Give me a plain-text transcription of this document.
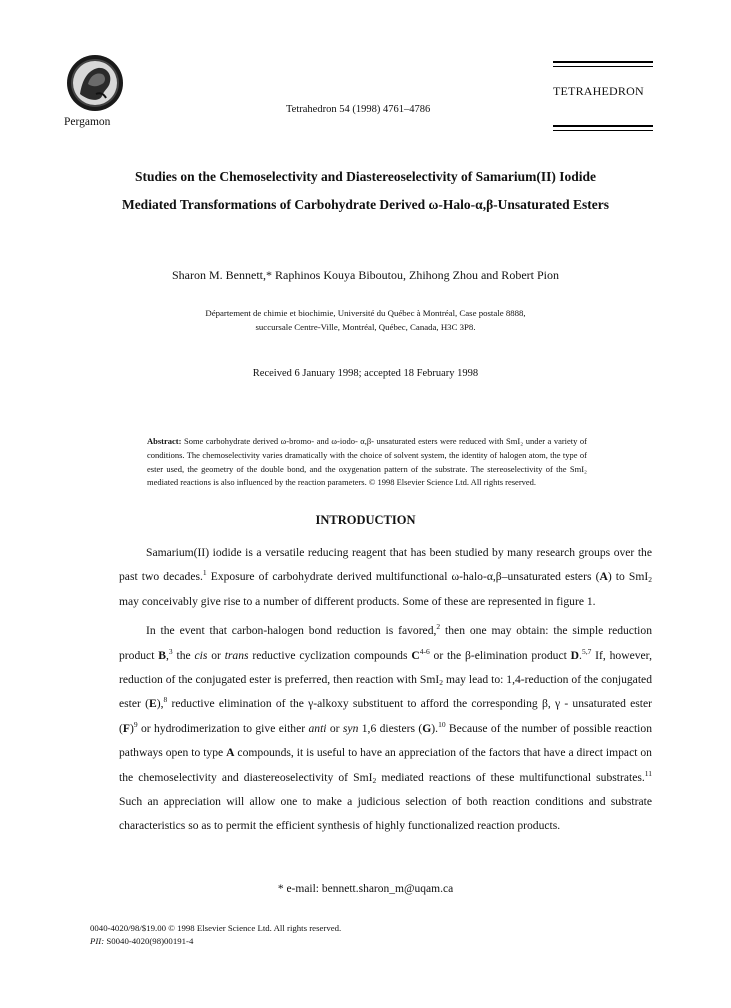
Pergamon
Tetrahedron 54 (1998) 4761–4786
TETRAHEDRON
Studies on the Chemoselectivity and Diastereoselectivity of Samarium(II) Iodide
Mediated Transformations of Carbohydrate Derived ω-Halo-α,β-Unsaturated Esters
Sharon M. Bennett,* Raphinos Kouya Biboutou, Zhihong Zhou and Robert Pion
Département de chimie et biochimie, Université du Québec à Montréal, Case postale 8888,
succursale Centre-Ville, Montréal, Québec, Canada, H3C 3P8.
Received 6 January 1998; accepted 18 February 1998
Abstract: Some carbohydrate derived ω-bromo- and ω-iodo- α,β- unsaturated esters were reduced with SmI₂ under a variety of conditions. The chemoselectivity varies dramatically with the choice of solvent system, the identity of halogen atom, the type of ester used, the geometry of the double bond, and the oxygenation pattern of the substrate. The stereoselectivity of the SmI₂ mediated reactions is also influenced by the reaction parameters. © 1998 Elsevier Science Ltd. All rights reserved.
INTRODUCTION

Samarium(II) iodide is a versatile reducing reagent that has been studied by many research groups over the past two decades.$^1$ Exposure of carbohydrate derived multifunctional ω-halo-α,β–unsaturated esters (A) to SmI$_2$ may conceivably give rise to a number of different products. Some of these are represented in figure 1.

In the event that carbon-halogen bond reduction is favored,$^2$ then one may obtain: the simple reduction product B,$^3$ the cis or trans reductive cyclization compounds $C^{4-6}$ or the β-elimination product D.$^{5,7}$ If, however, reduction of the conjugated ester is preferred, then reaction with SmI$_2$ may lead to: 1,4-reduction of the conjugated ester (E),$^8$ reductive elimination of the γ-alkoxy substituent to afford the corresponding β, γ - unsaturated ester $(F)^9$ or hydrodimerization to give either anti or syn 1,6 diesters (G).$^{10}$ Because of the number of possible reaction pathways open to type A compounds, it is useful to have an appreciation of the factors that have a direct impact on the chemoselectivity and diastereoselectivity of SmI$_2$ mediated reactions of these multifunctional substrates.$^{11}$ Such an appreciation will allow one to make a judicious selection of both reaction conditions and substrate characteristics so as to permit the efficient synthesis of highly functionalized reaction products.

* e-mail: bennett.sharon_m@uqam.ca
0040-4020/98/$19.00 © 1998 Elsevier Science Ltd. All rights reserved.
PII: S0040-4020(98)00191-4
